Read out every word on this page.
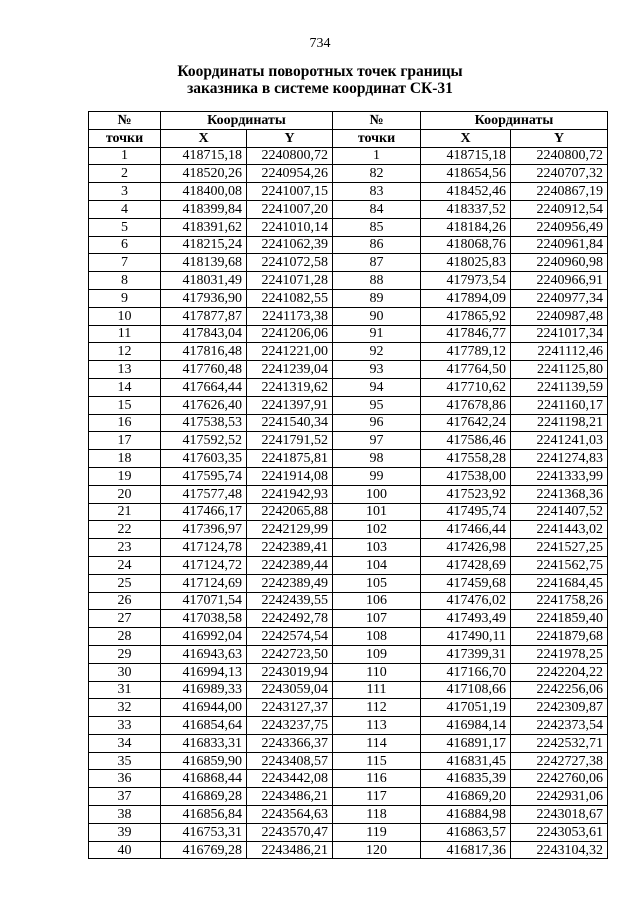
734
Координаты поворотных точек границы
заказника в системе координат СК-31
№	Координаты		№	Координаты	
точки	X	Y	точки	X	Y
1	418715,18	2240800,72	1	418715,18	2240800,72
2	418520,26	2240954,26	82	418654,56	2240707,32
3	418400,08	2241007,15	83	418452,46	2240867,19
4	418399,84	2241007,20	84	418337,52	2240912,54
5	418391,62	2241010,14	85	418184,26	2240956,49
6	418215,24	2241062,39	86	418068,76	2240961,84
7	418139,68	2241072,58	87	418025,83	2240960,98
8	418031,49	2241071,28	88	417973,54	2240966,91
9	417936,90	2241082,55	89	417894,09	2240977,34
10	417877,87	2241173,38	90	417865,92	2240987,48
11	417843,04	2241206,06	91	417846,77	2241017,34
12	417816,48	2241221,00	92	417789,12	2241112,46
13	417760,48	2241239,04	93	417764,50	2241125,80
14	417664,44	2241319,62	94	417710,62	2241139,59
15	417626,40	2241397,91	95	417678,86	2241160,17
16	417538,53	2241540,34	96	417642,24	2241198,21
17	417592,52	2241791,52	97	417586,46	2241241,03
18	417603,35	2241875,81	98	417558,28	2241274,83
19	417595,74	2241914,08	99	417538,00	2241333,99
20	417577,48	2241942,93	100	417523,92	2241368,36
21	417466,17	2242065,88	101	417495,74	2241407,52
22	417396,97	2242129,99	102	417466,44	2241443,02
23	417124,78	2242389,41	103	417426,98	2241527,25
24	417124,72	2242389,44	104	417428,69	2241562,75
25	417124,69	2242389,49	105	417459,68	2241684,45
26	417071,54	2242439,55	106	417476,02	2241758,26
27	417038,58	2242492,78	107	417493,49	2241859,40
28	416992,04	2242574,54	108	417490,11	2241879,68
29	416943,63	2242723,50	109	417399,31	2241978,25
30	416994,13	2243019,94	110	417166,70	2242204,22
31	416989,33	2243059,04	111	417108,66	2242256,06
32	416944,00	2243127,37	112	417051,19	2242309,87
33	416854,64	2243237,75	113	416984,14	2242373,54
34	416833,31	2243366,37	114	416891,17	2242532,71
35	416859,90	2243408,57	115	416831,45	2242727,38
36	416868,44	2243442,08	116	416835,39	2242760,06
37	416869,28	2243486,21	117	416869,20	2242931,06
38	416856,84	2243564,63	118	416884,98	2243018,67
39	416753,31	2243570,47	119	416863,57	2243053,61
40	416769,28	2243486,21	120	416817,36	2243104,32
